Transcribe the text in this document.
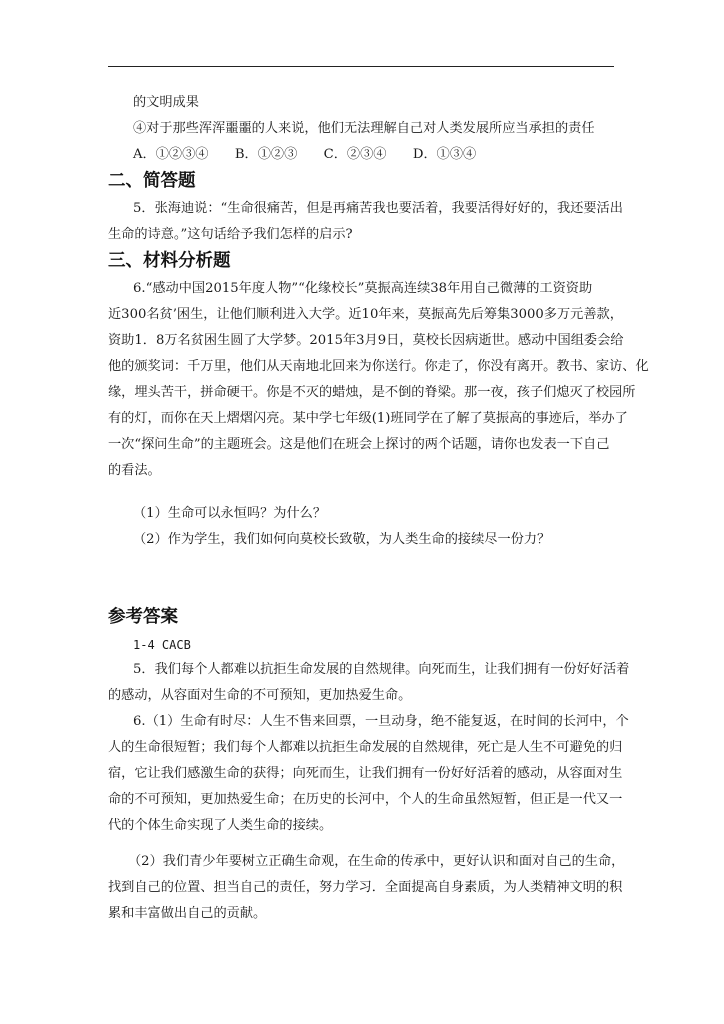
的文明成果
④对于那些浑浑噩噩的人来说，他们无法理解自己对人类发展所应当承担的责任
A．①②③④　　B．①②③　　C．②③④　　D．①③④
二、简答题
5．张海迪说：“生命很痛苦，但是再痛苦我也要活着，我要活得好好的，我还要活出
生命的诗意。”这句话给予我们怎样的启示?
三、材料分析题
6.“感动中国2015年度人物”“化缘校长”莫振高连续38年用自己微薄的工资资助
近300名贫’困生，让他们顺利进入大学。近10年来，莫振高先后筹集3000多万元善款，
资助1．8万名贫困生圆了大学梦。2015年3月9日，莫校长因病逝世。感动中国组委会给
他的颁奖词：千万里，他们从天南地北回来为你送行。你走了，你没有离开。教书、家访、化
缘，埋头苦干，拼命硬干。你是不灭的蜡烛，是不倒的脊梁。那一夜，孩子们熄灭了校园所
有的灯，而你在天上熠熠闪亮。某中学七年级(1)班同学在了解了莫振高的事迹后，举办了
一次“探问生命”的主题班会。这是他们在班会上探讨的两个话题，请你也发表一下自己
的看法。
（1）生命可以永恒吗？为什么？
（2）作为学生，我们如何向莫校长致敬，为人类生命的接续尽一份力？
参考答案
1-4 CACB
5．我们每个人都难以抗拒生命发展的自然规律。向死而生，让我们拥有一份好好活着
的感动，从容面对生命的不可预知，更加热爱生命。
6.（1）生命有时尽：人生不售来回票，一旦动身，绝不能复返，在时间的长河中，个
人的生命很短暂；我们每个人都难以抗拒生命发展的自然规律，死亡是人生不可避免的归
宿，它让我们感激生命的获得；向死而生，让我们拥有一份好好活着的感动，从容面对生
命的不可预知，更加热爱生命；在历史的长河中，个人的生命虽然短暂，但正是一代又一
代的个体生命实现了人类生命的接续。
（2）我们青少年要树立正确生命观，在生命的传承中，更好认识和面对自己的生命，
找到自己的位置、担当自己的责任，努力学习．全面提高自身素质，为人类精神文明的积
累和丰富做出自己的贡献。
